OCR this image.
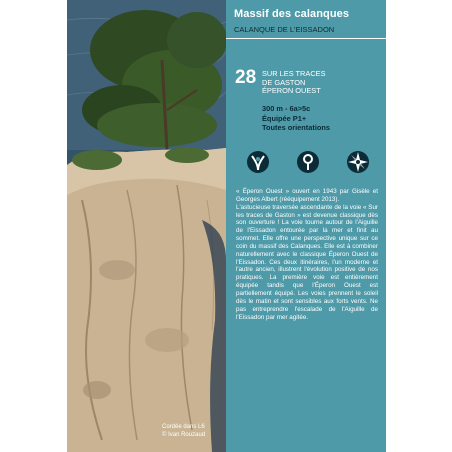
Cordée dans L6
© Ivan Rouzaud
Massif des calanques
CALANQUE DE L'EISSADON
28 SUR LES TRACES
DE GASTON
ÉPERON OUEST
300 m - 6a>5c
Équipée P1+
Toutes orientations

« Éperon Ouest » ouvert en 1943 par Gisèle et Georges Albert (rééquipement 2013).

L'astucieuse traversée ascendante de la voie « Sur les traces de Gaston » est devenue classique dès son ouverture ! La voie tourne autour de l'Aiguille de l'Eissadon entourée par la mer et finit au sommet. Elle offre une perspective unique sur ce coin du massif des Calanques. Elle est à combiner naturellement avec le classique Éperon Ouest de l'Eissadon. Ces deux itinéraires, l'un moderne et l'autre ancien, illustrent l'évolution positive de nos pratiques. La première voie est entièrement équipée tandis que l'Éperon Ouest est partiellement équipé. Les voies prennent le soleil dès le matin et sont sensibles aux forts vents. Ne pas entreprendre l'escalade de l'Aiguille de l'Eissadon par mer agitée.
